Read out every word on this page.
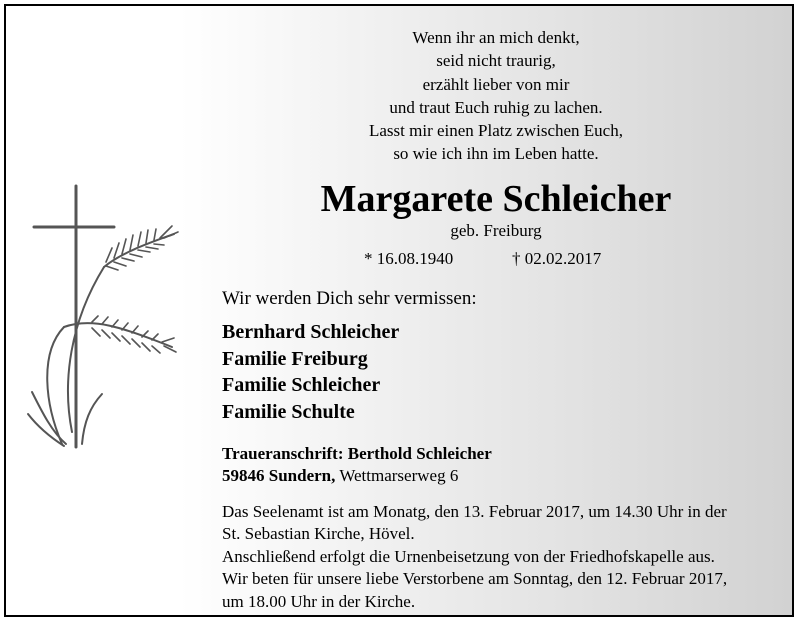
Wenn ihr an mich denkt,
seid nicht traurig,
erzählt lieber von mir
und traut Euch ruhig zu lachen.
Lasst mir einen Platz zwischen Euch,
so wie ich ihn im Leben hatte.
Margarete Schleicher
geb. Freiburg
* 16.08.1940	† 02.02.2017
Wir werden Dich sehr vermissen:
Bernhard Schleicher
Familie Freiburg
Familie Schleicher
Familie Schulte
Traueranschrift: Berthold Schleicher
59846 Sundern, Wettmarserweg 6
Das Seelenamt ist am Monatg, den 13. Februar 2017, um 14.30 Uhr in der
St. Sebastian Kirche, Hövel.
Anschließend erfolgt die Urnenbeisetzung von der Friedhofskapelle aus.
Wir beten für unsere liebe Verstorbene am Sonntag, den 12. Februar 2017,
um 18.00 Uhr in der Kirche.
